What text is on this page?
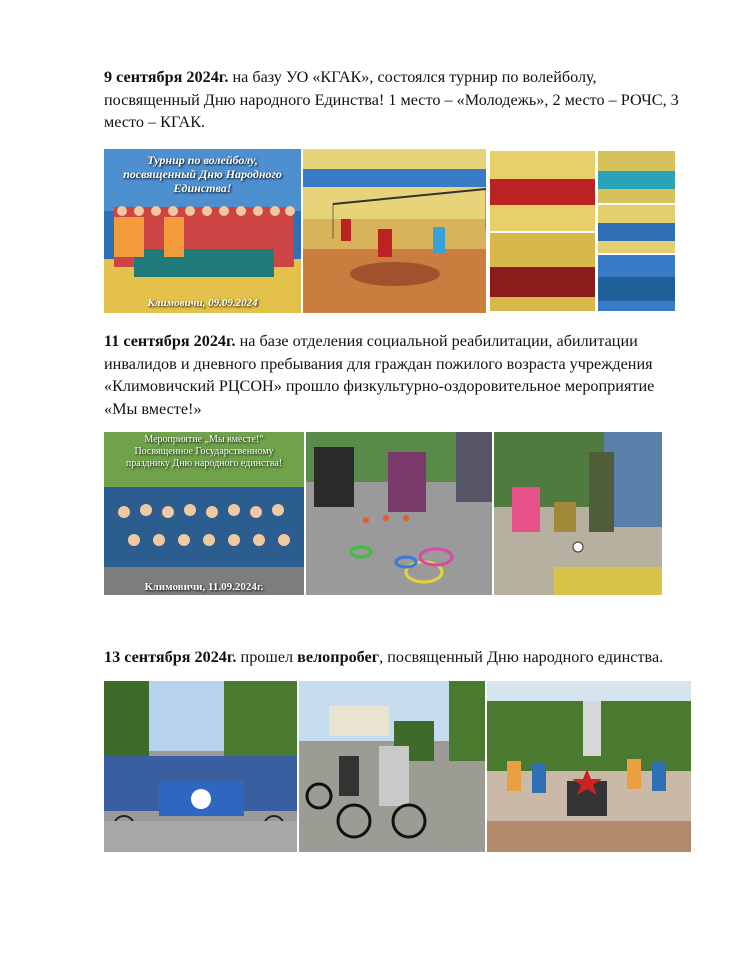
9 сентября 2024г. на базу УО «КГАК», состоялся турнир по волейболу, посвященный Дню народного Единства! 1 место – «Молодежь», 2 место – РОЧС, 3 место – КГАК.
Турнир по волейболу, посвященный Дню Народного Единства!
Климовичи, 09.09.2024
11 сентября 2024г. на базе отделения социальной реабилитации, абилитации инвалидов и дневного пребывания для граждан пожилого возраста учреждения «Климовичский РЦСОН» прошло физкультурно-оздоровительное мероприятие «Мы вместе!»
Мероприятие „Мы вместе!“ Посвященное Государственному празднику Дню народного единства!
Климовичи, 11.09.2024г.
13 сентября 2024г. прошел велопробег, посвященный Дню народного единства.
